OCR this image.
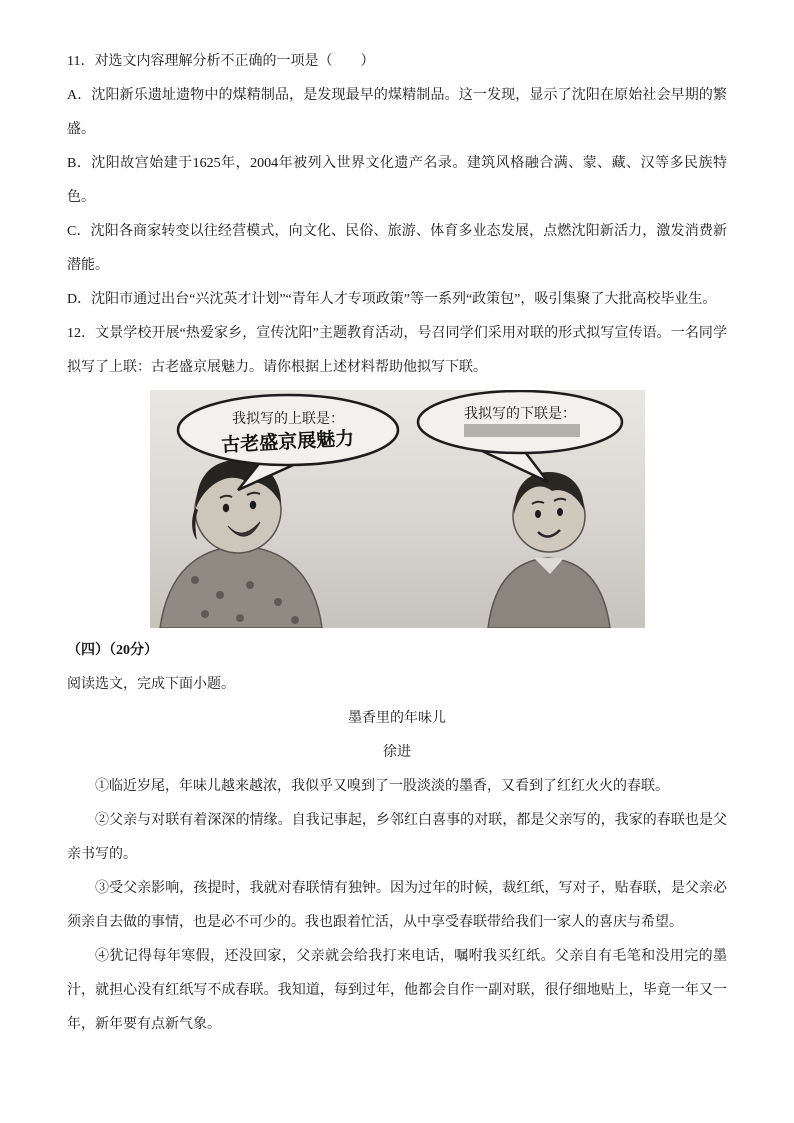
11．对选文内容理解分析不正确的一项是（　　）

A．沈阳新乐遗址遗物中的煤精制品，是发现最早的煤精制品。这一发现，显示了沈阳在原始社会早期的繁盛。

B．沈阳故宫始建于1625年，2004年被列入世界文化遗产名录。建筑风格融合满、蒙、藏、汉等多民族特色。

C．沈阳各商家转变以往经营模式，向文化、民俗、旅游、体育多业态发展，点燃沈阳新活力，激发消费新潜能。

D．沈阳市通过出台“兴沈英才计划”“青年人才专项政策”等一系列“政策包”，吸引集聚了大批高校毕业生。

12．文景学校开展“热爱家乡，宣传沈阳”主题教育活动，号召同学们采用对联的形式拟写宣传语。一名同学拟写了上联：古老盛京展魅力。请你根据上述材料帮助他拟写下联。

我拟写的上联是：
古老盛京展魅力
我拟写的下联是：

（四）（20分）

阅读选文，完成下面小题。

墨香里的年味儿

徐进

①临近岁尾，年味儿越来越浓，我似乎又嗅到了一股淡淡的墨香，又看到了红红火火的春联。

②父亲与对联有着深深的情缘。自我记事起，乡邻红白喜事的对联，都是父亲写的，我家的春联也是父亲书写的。

③受父亲影响，孩提时，我就对春联情有独钟。因为过年的时候，裁红纸，写对子，贴春联，是父亲必须亲自去做的事情，也是必不可少的。我也跟着忙活，从中享受春联带给我们一家人的喜庆与希望。

④犹记得每年寒假，还没回家，父亲就会给我打来电话，嘱咐我买红纸。父亲自有毛笔和没用完的墨汁，就担心没有红纸写不成春联。我知道，每到过年，他都会自作一副对联，很仔细地贴上，毕竟一年又一年，新年要有点新气象。
